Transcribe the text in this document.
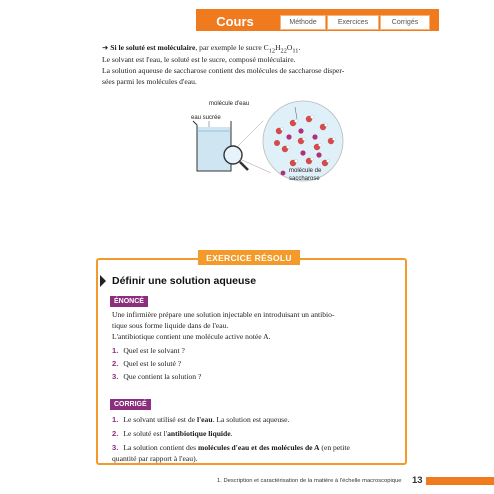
Cours	Méthode	Exercices	Corrigés

➜ Si le soluté est moléculaire, par exemple le sucre $C_{12}H_{22}O_{11}$.

Le solvant est l'eau, le soluté est le sucre, composé moléculaire.

La solution aqueuse de saccharose contient des molécules de saccharose disper-

sées parmi les molécules d'eau.

molécule d'eau
eau sucrée
molécule de
saccharose
EXERCICE RÉSOLU
Définir une solution aqueuse
ÉNONCÉ
Une infirmière prépare une solution injectable en introduisant un antibio-
tique sous forme liquide dans de l'eau.
L'antibiotique contient une molécule active notée A.
1. Quel est le solvant ?
2. Quel est le soluté ?
3. Que contient la solution ?
CORRIGÉ
1. Le solvant utilisé est de l'eau. La solution est aqueuse.
2. Le soluté est l'antibiotique liquide.
3. La solution contient des molécules d'eau et des molécules de A (en petite
quantité par rapport à l'eau).
1. Description et caractérisation de la matière à l'échelle macroscopique 13
